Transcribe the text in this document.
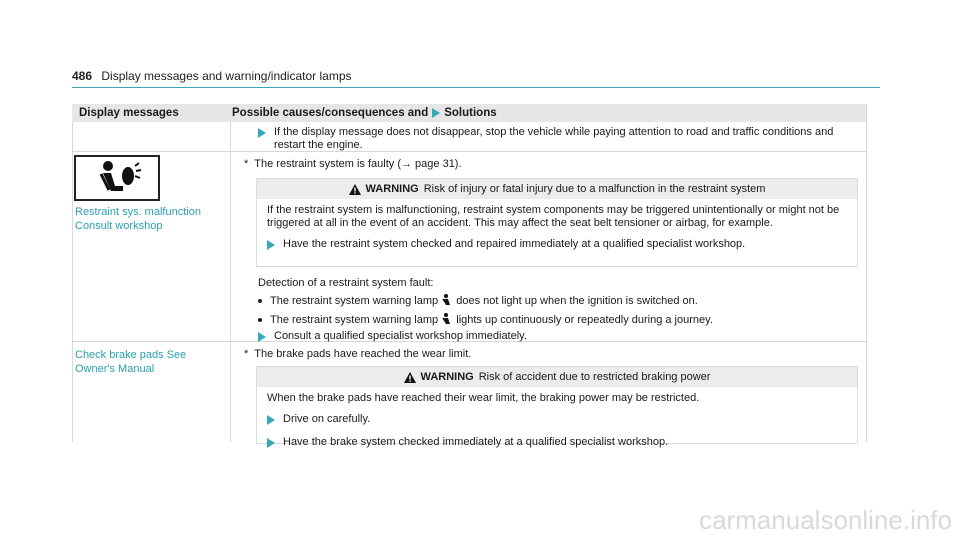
486 Display messages and warning/indicator lamps
Display messages	Possible causes/consequences and Solutions
If the display message does not disappear, stop the vehicle while paying attention to road and traffic conditions and restart the engine.
Restraint sys. malfunction
Consult workshop
* The restraint system is faulty (→ page 31).
WARNING Risk of injury or fatal injury due to a malfunction in the restraint system

If the restraint system is malfunctioning, restraint system components may be triggered unintentionally or might not be triggered at all in the event of an accident. This may affect the seat belt tensioner or airbag, for example.

Have the restraint system checked and repaired immediately at a qualified specialist workshop.
Detection of a restraint system fault:
The restraint system warning lamp does not light up when the ignition is switched on.
The restraint system warning lamp lights up continuously or repeatedly during a journey.
Consult a qualified specialist workshop immediately.
Check brake pads See
Owner's Manual
* The brake pads have reached the wear limit.
WARNING Risk of accident due to restricted braking power

When the brake pads have reached their wear limit, the braking power may be restricted.

Drive on carefully.
Have the brake system checked immediately at a qualified specialist workshop.
carmanualsonline.info
